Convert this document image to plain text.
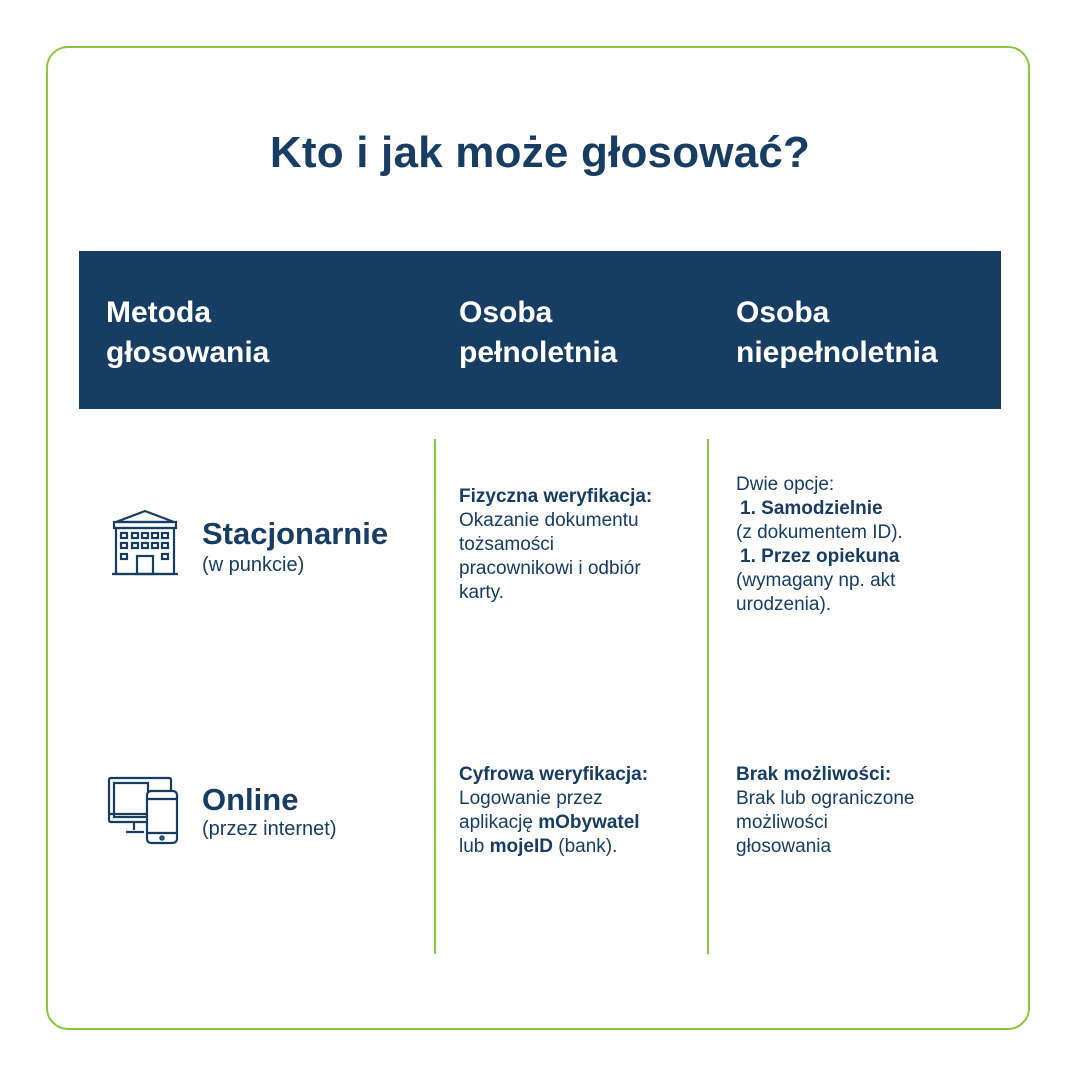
Kto i jak może głosować?
Metoda
głosowania
Osoba
pełnoletnia
Osoba
niepełnoletnia
Stacjonarnie
(w punkcie)
Fizyczna weryfikacja:
Okazanie dokumentu
tożsamości
pracownikowi i odbiór
karty.
Dwie opcje:
1. Samodzielnie
(z dokumentem ID).
1. Przez opiekuna
(wymagany np. akt
urodzenia).
Online
(przez internet)
Cyfrowa weryfikacja:
Logowanie przez
aplikację mObywatel
lub mojeID (bank).
Brak możliwości:
Brak lub ograniczone
możliwości
głosowania
